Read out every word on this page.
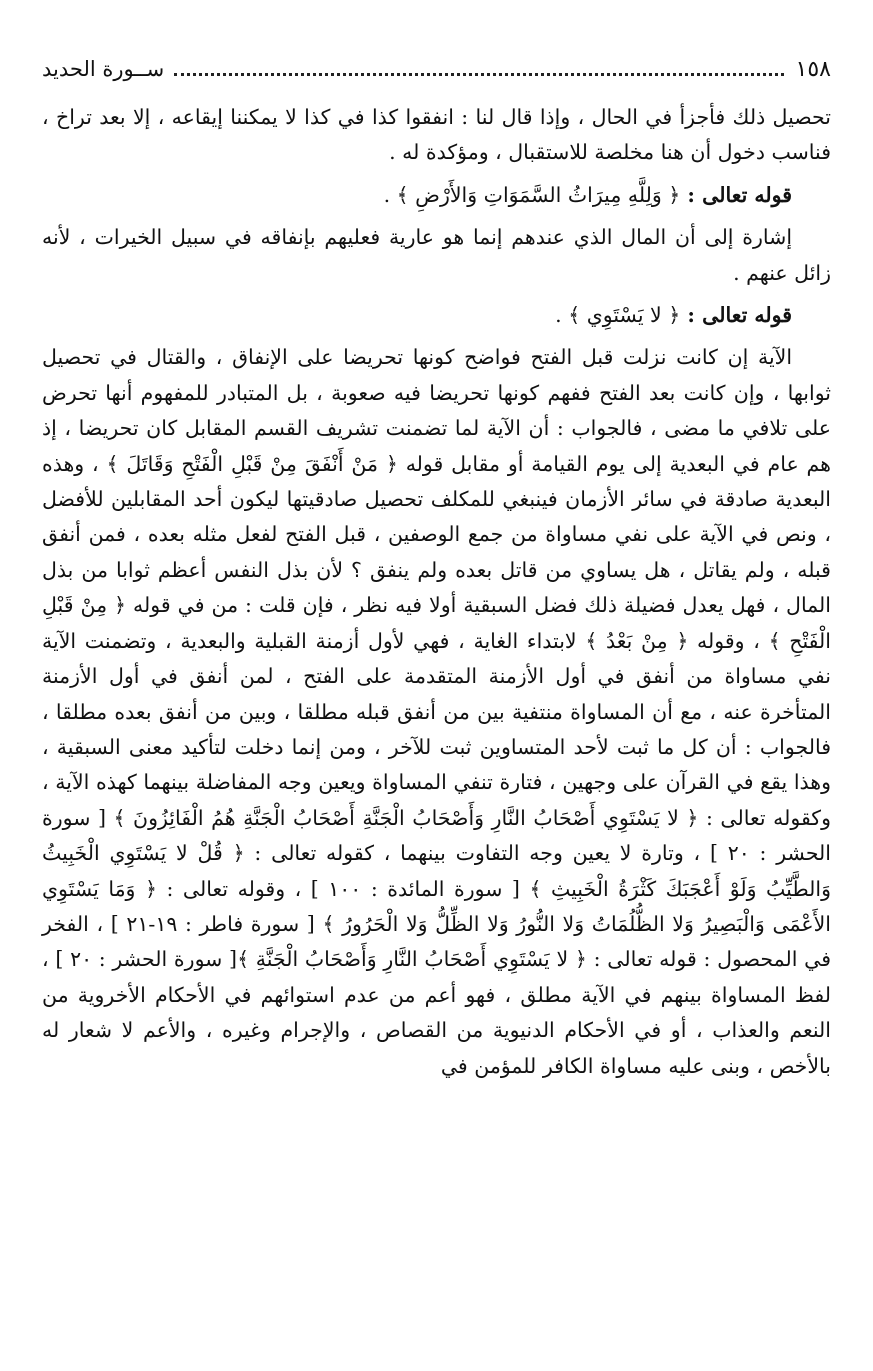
١٥٨
ســورة الحديد

تحصيل ذلك فأجزأ في الحال ، وإذا قال لنا : انفقوا كذا في كذا لا يمكننا إيقاعه ، إلا بعد تراخ ، فناسب دخول أن هنا مخلصة للاستقبال ، ومؤكدة له .

قوله تعالى : ﴿ وَلِلَّهِ مِيرَاثُ السَّمَوَاتِ وَالأَرْضِ ﴾ .

إشارة إلى أن المال الذي عندهم إنما هو عارية فعليهم بإنفاقه في سبيل الخيرات ، لأنه زائل عنهم .

قوله تعالى : ﴿ لا يَسْتَوِي ﴾ .

الآية إن كانت نزلت قبل الفتح فواضح كونها تحريضا على الإنفاق ، والقتال في تحصيل ثوابها ، وإن كانت بعد الفتح ففهم كونها تحريضا فيه صعوبة ، بل المتبادر للمفهوم أنها تحرض على تلافي ما مضى ، فالجواب : أن الآية لما تضمنت تشريف القسم المقابل كان تحريضا ، إذ هم عام في البعدية إلى يوم القيامة أو مقابل قوله ﴿ مَنْ أَنْفَقَ مِنْ قَبْلِ الْفَتْحِ وَقَاتَلَ ﴾ ، وهذه البعدية صادقة في سائر الأزمان فينبغي للمكلف تحصيل صادقيتها ليكون أحد المقابلين للأفضل ، ونص في الآية على نفي مساواة من جمع الوصفين ، قبل الفتح لفعل مثله بعده ، فمن أنفق قبله ، ولم يقاتل ، هل يساوي من قاتل بعده ولم ينفق ؟ لأن بذل النفس أعظم ثوابا من بذل المال ، فهل يعدل فضيلة ذلك فضل السبقية أولا فيه نظر ، فإن قلت : من في قوله ﴿ مِنْ قَبْلِ الْفَتْحِ ﴾ ، وقوله ﴿ مِنْ بَعْدُ ﴾ لابتداء الغاية ، فهي لأول أزمنة القبلية والبعدية ، وتضمنت الآية نفي مساواة من أنفق في أول الأزمنة المتقدمة على الفتح ، لمن أنفق في أول الأزمنة المتأخرة عنه ، مع أن المساواة منتفية بين من أنفق قبله مطلقا ، وبين من أنفق بعده مطلقا ، فالجواب : أن كل ما ثبت لأحد المتساوين ثبت للآخر ، ومن إنما دخلت لتأكيد معنى السبقية ، وهذا يقع في القرآن على وجهين ، فتارة تنفي المساواة ويعين وجه المفاضلة بينهما كهذه الآية ، وكقوله تعالى : ﴿ لا يَسْتَوِي أَصْحَابُ النَّارِ وَأَصْحَابُ الْجَنَّةِ أَصْحَابُ الْجَنَّةِ هُمُ الْفَائِزُونَ ﴾ [ سورة الحشر : ٢٠ ] ، وتارة لا يعين وجه التفاوت بينهما ، كقوله تعالى : ﴿ قُلْ لا يَسْتَوِي الْخَبِيثُ وَالطَّيِّبُ وَلَوْ أَعْجَبَكَ كَثْرَةُ الْخَبِيثِ ﴾ [ سورة المائدة : ١٠٠ ] ، وقوله تعالى : ﴿ وَمَا يَسْتَوِي الأَعْمَى وَالْبَصِيرُ وَلا الظُّلُمَاتُ وَلا النُّورُ وَلا الظِّلُّ وَلا الْحَرُورُ ﴾ [ سورة فاطر : ١٩-٢١ ] ، الفخر في المحصول : قوله تعالى : ﴿ لا يَسْتَوِي أَصْحَابُ النَّارِ وَأَصْحَابُ الْجَنَّةِ ﴾[ سورة الحشر : ٢٠ ] ، لفظ المساواة بينهم في الآية مطلق ، فهو أعم من عدم استوائهم في الأحكام الأخروية من النعم والعذاب ، أو في الأحكام الدنيوية من القصاص ، والإجرام وغيره ، والأعم لا شعار له بالأخص ، وبنى عليه مساواة الكافر للمؤمن في
